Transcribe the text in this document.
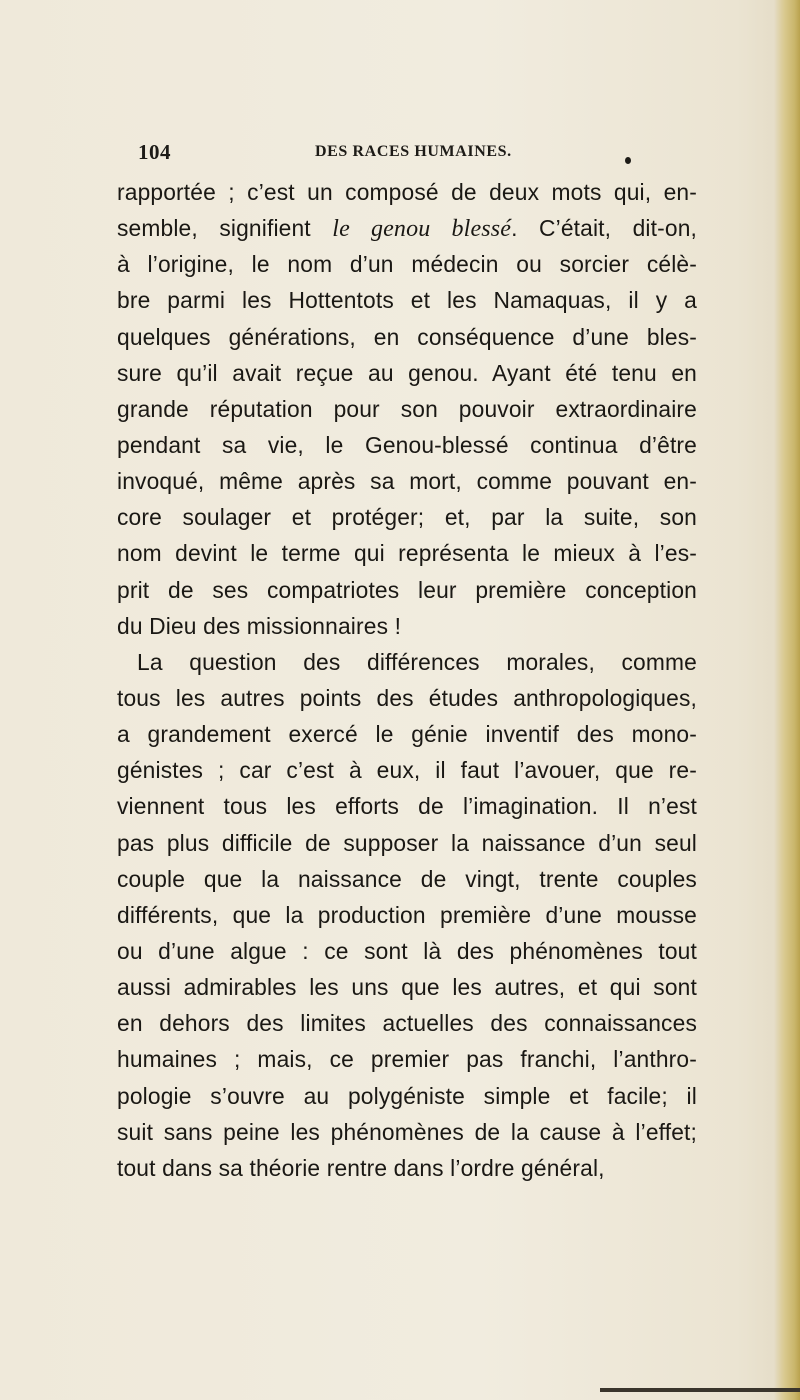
104	DES RACES HUMAINES.
rapportée ; c’est un composé de deux mots qui, en-
semble, signifient le genou blessé. C’était, dit-on,
à l’origine, le nom d’un médecin ou sorcier célè-
bre parmi les Hottentots et les Namaquas, il y a
quelques générations, en conséquence d’une bles-
sure qu’il avait reçue au genou. Ayant été tenu en
grande réputation pour son pouvoir extraordinaire
pendant sa vie, le Genou-blessé continua d’être
invoqué, même après sa mort, comme pouvant en-
core soulager et protéger; et, par la suite, son
nom devint le terme qui représenta le mieux à l’es-
prit de ses compatriotes leur première conception
du Dieu des missionnaires !
La question des différences morales, comme
tous les autres points des études anthropologiques,
a grandement exercé le génie inventif des mono-
génistes ; car c’est à eux, il faut l’avouer, que re-
viennent tous les efforts de l’imagination. Il n’est
pas plus difficile de supposer la naissance d’un seul
couple que la naissance de vingt, trente couples
différents, que la production première d’une mousse
ou d’une algue : ce sont là des phénomènes tout
aussi admirables les uns que les autres, et qui sont
en dehors des limites actuelles des connaissances
humaines ; mais, ce premier pas franchi, l’anthro-
pologie s’ouvre au polygéniste simple et facile; il
suit sans peine les phénomènes de la cause à l’effet;
tout dans sa théorie rentre dans l’ordre général,
